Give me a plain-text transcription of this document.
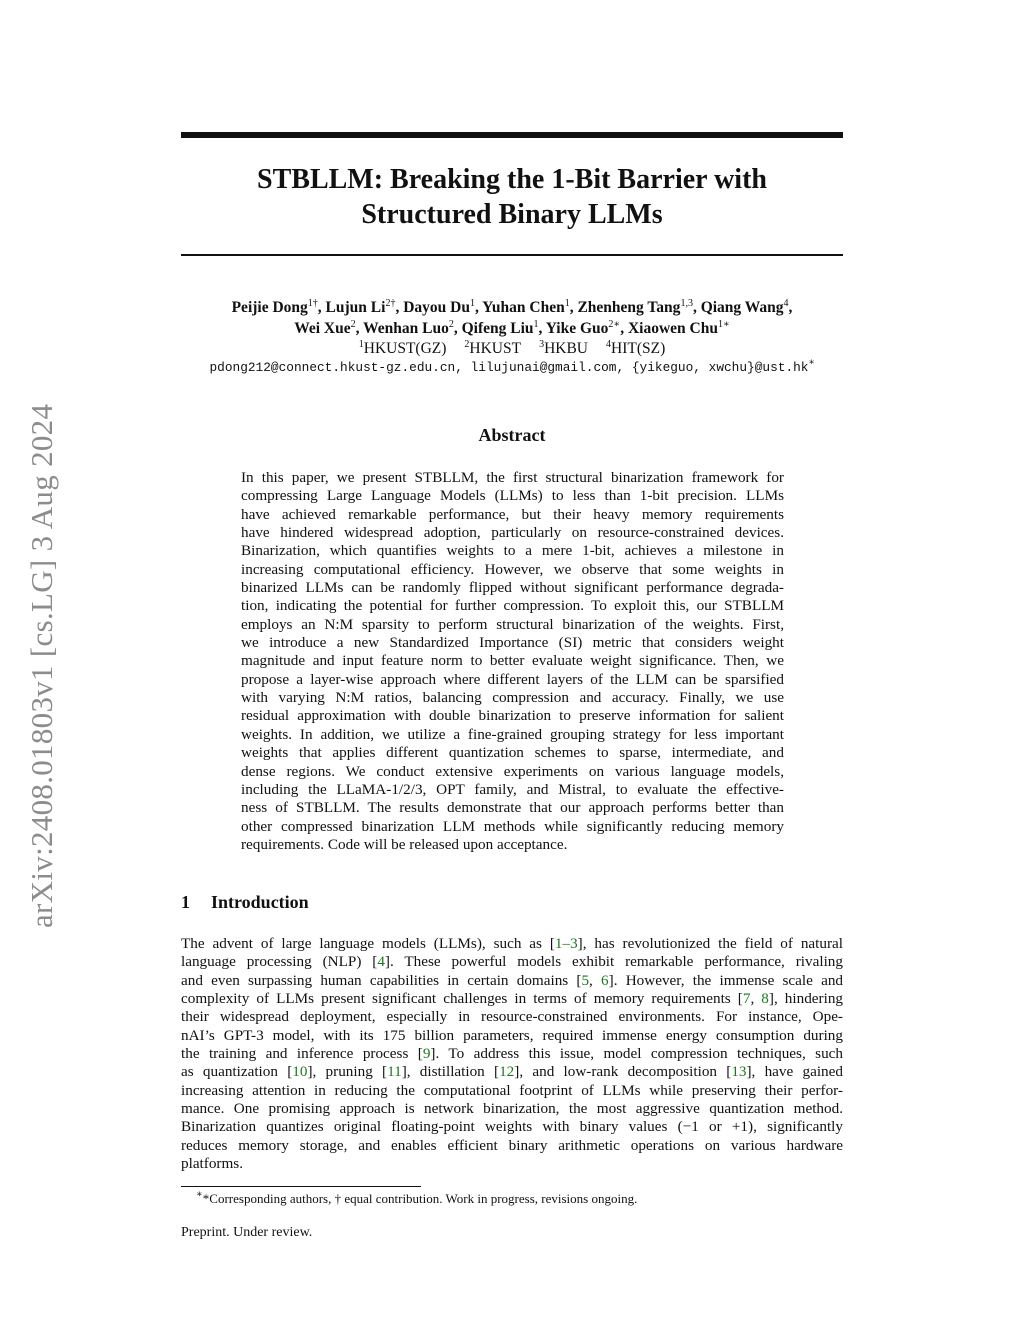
arXiv:2408.01803v1 [cs.LG] 3 Aug 2024
STBLLM: Breaking the 1-Bit Barrier with
Structured Binary LLMs
Peijie Dong$^{1\dagger}$, Lujun $Li^{2\dagger}$, Dayou Du$^1$, Yuhan Chen$^1$, Zhenheng Tang$^{1,3}$, Qiang Wang$^4$,
Wei Xue$^2$, Wenhan Luo$^2$, Qifeng Liu$^1$, Yike Guo$^{2∗}$, Xiaowen Chu$^{1∗}$
$^1$HKUST(GZ) $^2$HKUST $^3$HKBU $^4$HIT(SZ)
pdong212@connect.hkust-gz.edu.cn, lilujunai@gmail.com, {yikeguo, xwchu}@ust.hk∗
Abstract
In this paper, we present STBLLM, the first structural binarization framework for
compressing Large Language Models (LLMs) to less than 1-bit precision. LLMs
have achieved remarkable performance, but their heavy memory requirements
have hindered widespread adoption, particularly on resource-constrained devices.
Binarization, which quantifies weights to a mere 1-bit, achieves a milestone in
increasing computational efficiency. However, we observe that some weights in
binarized LLMs can be randomly flipped without significant performance degrada-
tion, indicating the potential for further compression. To exploit this, our STBLLM
employs an N:M sparsity to perform structural binarization of the weights. First,
we introduce a new Standardized Importance (SI) metric that considers weight
magnitude and input feature norm to better evaluate weight significance. Then, we
propose a layer-wise approach where different layers of the LLM can be sparsified
with varying N:M ratios, balancing compression and accuracy. Finally, we use
residual approximation with double binarization to preserve information for salient
weights. In addition, we utilize a fine-grained grouping strategy for less important
weights that applies different quantization schemes to sparse, intermediate, and
dense regions. We conduct extensive experiments on various language models,
including the LLaMA-1/2/3, OPT family, and Mistral, to evaluate the effective-
ness of STBLLM. The results demonstrate that our approach performs better than
other compressed binarization LLM methods while significantly reducing memory
requirements. Code will be released upon acceptance.
1 Introduction
The advent of large language models (LLMs), such as [1–3], has revolutionized the field of natural
language processing (NLP) [4]. These powerful models exhibit remarkable performance, rivaling
and even surpassing human capabilities in certain domains [5, 6]. However, the immense scale and
complexity of LLMs present significant challenges in terms of memory requirements [7, 8], hindering
their widespread deployment, especially in resource-constrained environments. For instance, Ope-
nAI’s GPT-3 model, with its 175 billion parameters, required immense energy consumption during
the training and inference process [9]. To address this issue, model compression techniques, such
as quantization [10], pruning [11], distillation [12], and low-rank decomposition [13], have gained
increasing attention in reducing the computational footprint of LLMs while preserving their perfor-
mance. One promising approach is network binarization, the most aggressive quantization method.
Binarization quantizes original floating-point weights with binary values (−1 or +1), significantly
reduces memory storage, and enables efficient binary arithmetic operations on various hardware
platforms.
∗*Corresponding authors, † equal contribution. Work in progress, revisions ongoing.
Preprint. Under review.
